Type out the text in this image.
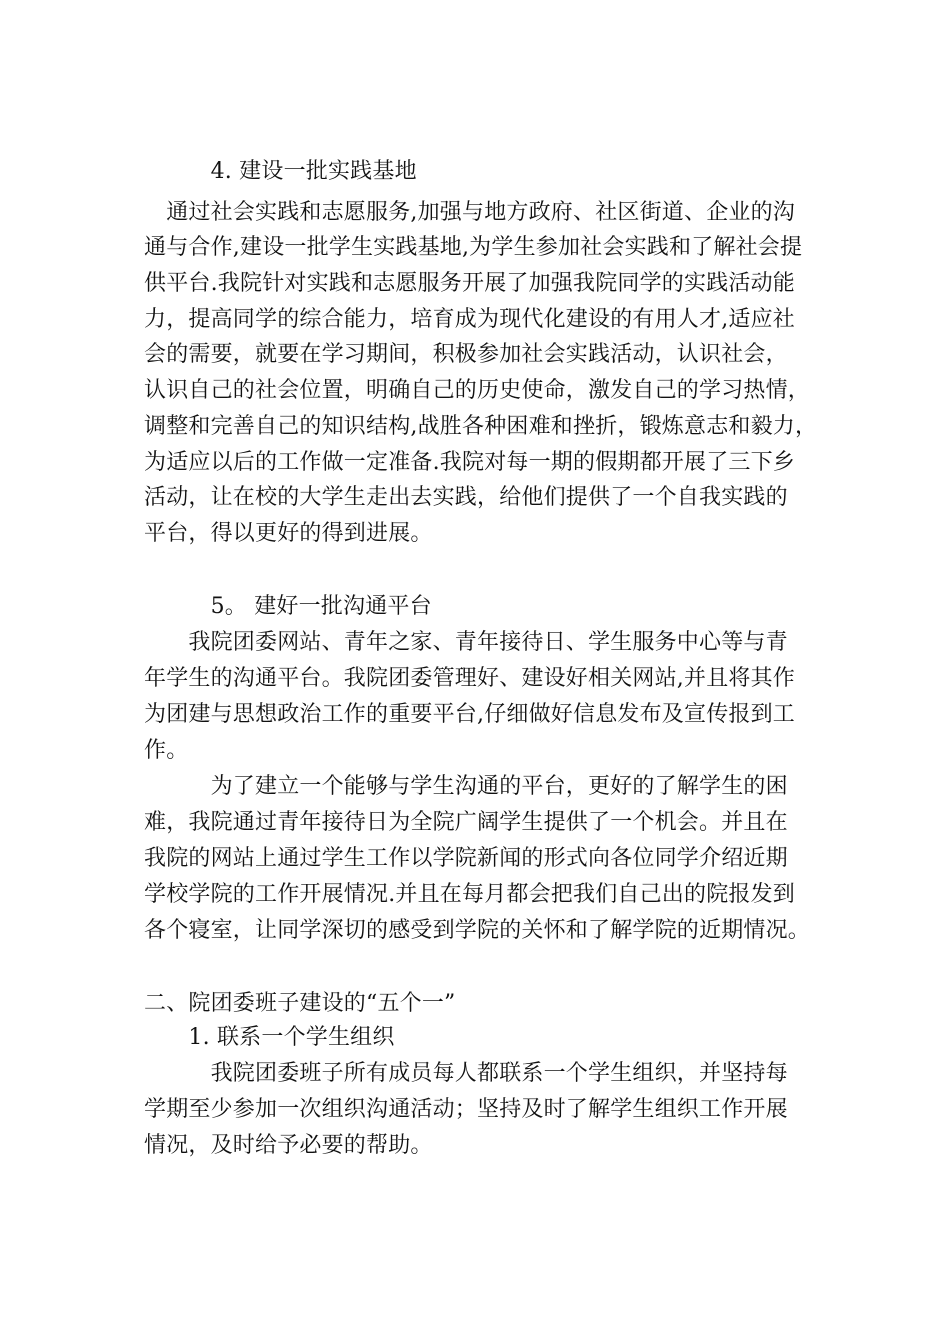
　　　4. 建设一批实践基地
　通过社会实践和志愿服务,加强与地方政府、社区街道、企业的沟
通与合作,建设一批学生实践基地,为学生参加社会实践和了解社会提
供平台.我院针对实践和志愿服务开展了加强我院同学的实践活动能
力，提高同学的综合能力，培育成为现代化建设的有用人才,适应社
会的需要，就要在学习期间，积极参加社会实践活动，认识社会，
认识自己的社会位置，明确自己的历史使命，激发自己的学习热情，
调整和完善自己的知识结构,战胜各种困难和挫折，锻炼意志和毅力，
为适应以后的工作做一定准备.我院对每一期的假期都开展了三下乡
活动，让在校的大学生走出去实践，给他们提供了一个自我实践的
平台，得以更好的得到进展。
　　　5。 建好一批沟通平台
　　我院团委网站、青年之家、青年接待日、学生服务中心等与青
年学生的沟通平台。我院团委管理好、建设好相关网站,并且将其作
为团建与思想政治工作的重要平台,仔细做好信息发布及宣传报到工
作。
　　　为了建立一个能够与学生沟通的平台，更好的了解学生的困
难，我院通过青年接待日为全院广阔学生提供了一个机会。并且在
我院的网站上通过学生工作以学院新闻的形式向各位同学介绍近期
学校学院的工作开展情况.并且在每月都会把我们自己出的院报发到
各个寝室，让同学深切的感受到学院的关怀和了解学院的近期情况。
二、院团委班子建设的“五个一”
　　1. 联系一个学生组织
　　　我院团委班子所有成员每人都联系一个学生组织，并坚持每
学期至少参加一次组织沟通活动；坚持及时了解学生组织工作开展
情况，及时给予必要的帮助。
